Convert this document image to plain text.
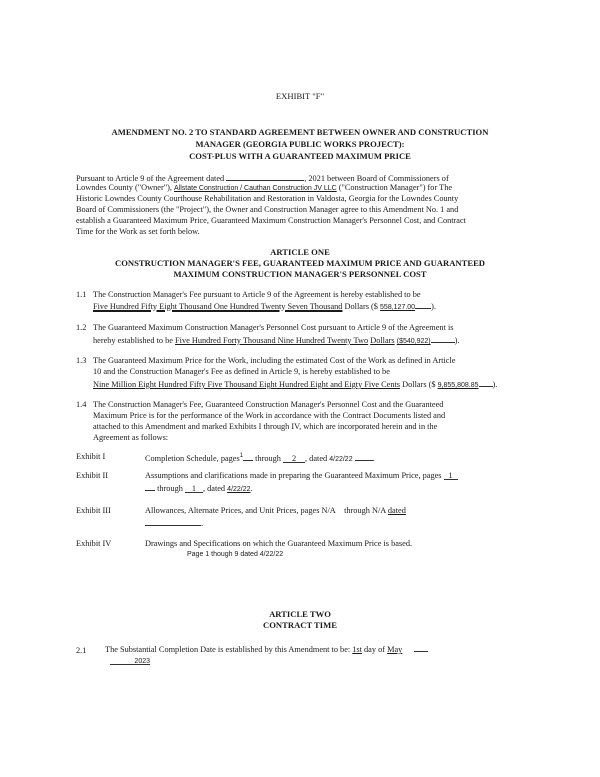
EXHIBIT "F"
AMENDMENT NO. 2 TO STANDARD AGREEMENT BETWEEN OWNER AND CONSTRUCTION
MANAGER (GEORGIA PUBLIC WORKS PROJECT):
COST-PLUS WITH A GUARANTEED MAXIMUM PRICE
Pursuant to Article 9 of the Agreement dated	, 2021 between Board of Commissioners of
Lowndes County ("Owner"), Allstate Construction / Cauthan Construction JV LLC ("Construction Manager") for The
Historic Lowndes County Courthouse Rehabilitation and Restoration in Valdosta, Georgia for the Lowndes County
Board of Commissioners (the "Project"), the Owner and Construction Manager agree to this Amendment No. 1 and
establish a Guaranteed Maximum Price, Guaranteed Maximum Construction Manager's Personnel Cost, and Contract
Time for the Work as set forth below.
ARTICLE ONE
CONSTRUCTION MANAGER'S FEE, GUARANTEED MAXIMUM PRICE AND GUARANTEED
MAXIMUM CONSTRUCTION MANAGER'S PERSONNEL COST
1.1 The Construction Manager's Fee pursuant to Article 9 of the Agreement is hereby established to be
Five Hundred Fifty Eight Thousand One Hundred Twenty Seven Thousand Dollars ($ 558,127.00 ).
1.2 The Guaranteed Maximum Construction Manager's Personnel Cost pursuant to Article 9 of the Agreement is
hereby established to be Five Hundred Forty Thousand Nine Hundred Twenty Two Dollars ($540,922)	).
1.3 The Guaranteed Maximum Price for the Work, including the estimated Cost of the Work as defined in Article
10 and the Construction Manager's Fee as defined in Article 9, is hereby established to be
Nine Million Eight Hundred Fifty Five Thousand Eight Hundred Eight and Eigty Five Cents Dollars ($ 9,855,808.85 ).
1.4 The Construction Manager's Fee, Guaranteed Construction Manager's Personnel Cost and the Guaranteed
Maximum Price is for the performance of the Work in accordance with the Contract Documents listed and
attached to this Amendment and marked Exhibits I through IV, which are incorporated herein and in the
Agreement as follows:
Exhibit I	Completion Schedule, pages$^1$ through 2 , dated 4/22/22 .
Exhibit II	Assumptions and clarifications made in preparing the Guaranteed Maximum Price, pages 1
through 1 , dated 4/22/22.
Exhibit III	Allowances, Alternate Prices, and Unit Prices, pages N/A through N/A dated
.
Exhibit IV	Drawings and Specifications on which the Guaranteed Maximum Price is based.
Page 1 though 9 dated 4/22/22
ARTICLE TWO
CONTRACT TIME
2.1 The Substantial Completion Date is established by this Amendment to be: 1st day of May
2023
